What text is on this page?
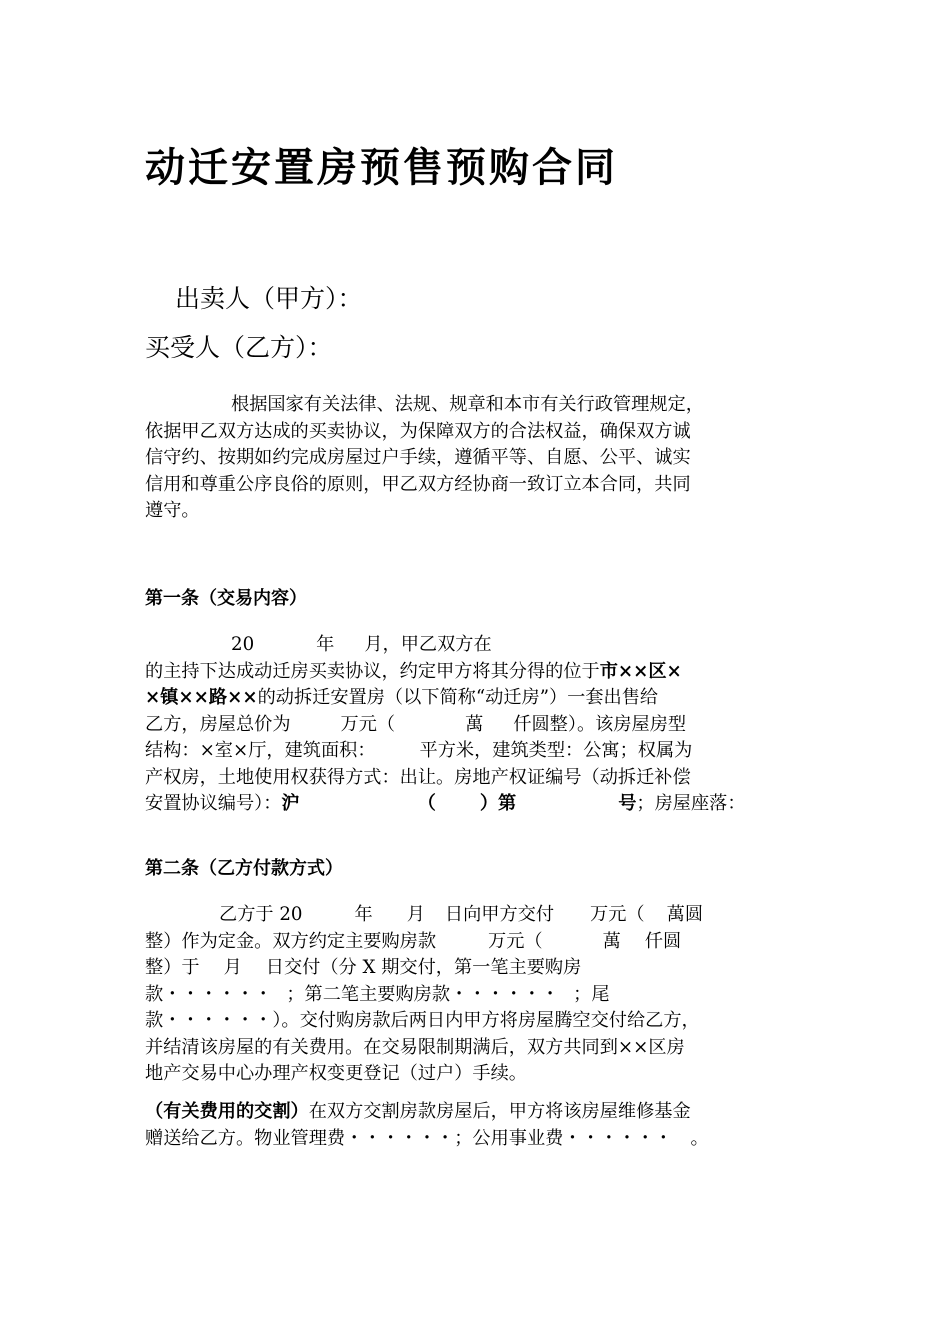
动迁安置房预售预购合同
出卖人（甲方）：
买受人（乙方）：
根据国家有关法律、法规、规章和本市有关行政管理规定，
依据甲乙双方达成的买卖协议，为保障双方的合法权益，确保双方诚
信守约、按期如约完成房屋过户手续，遵循平等、自愿、公平、诚实
信用和尊重公序良俗的原则，甲乙双方经协商一致订立本合同，共同
遵守。
第一条（交易内容）
20	年 月，甲乙双方在
的主持下达成动迁房买卖协议，约定甲方将其分得的位于市××区×
×镇××路××的动拆迁安置房（以下简称“动迁房”）一套出售给
乙方，房屋总价为	万元（	萬 仟圆整）。该房屋房型
结构：×室×厅，建筑面积： 平方米，建筑类型：公寓；权属为
产权房，土地使用权获得方式：出让。房地产权证编号（动拆迁补偿
安置协议编号）：沪	（ ）第	号；房屋座落：
第二条（乙方付款方式）
乙方于 20	年 月 日向甲方交付 万元（ 萬圆
整）作为定金。双方约定主要购房款	万元（	萬 仟圆
整）于 月 日交付（分 X 期交付，第一笔主要购房
款・・・・・・ ；第二笔主要购房款・・・・・・ ；尾
款・・・・・・）。交付购房款后两日内甲方将房屋腾空交付给乙方，
并结清该房屋的有关费用。在交易限制期满后，双方共同到××区房
地产交易中心办理产权变更登记（过户）手续。
（有关费用的交割）在双方交割房款房屋后，甲方将该房屋维修基金
赠送给乙方。物业管理费・・・・・・；公用事业费・・・・・・ 。
